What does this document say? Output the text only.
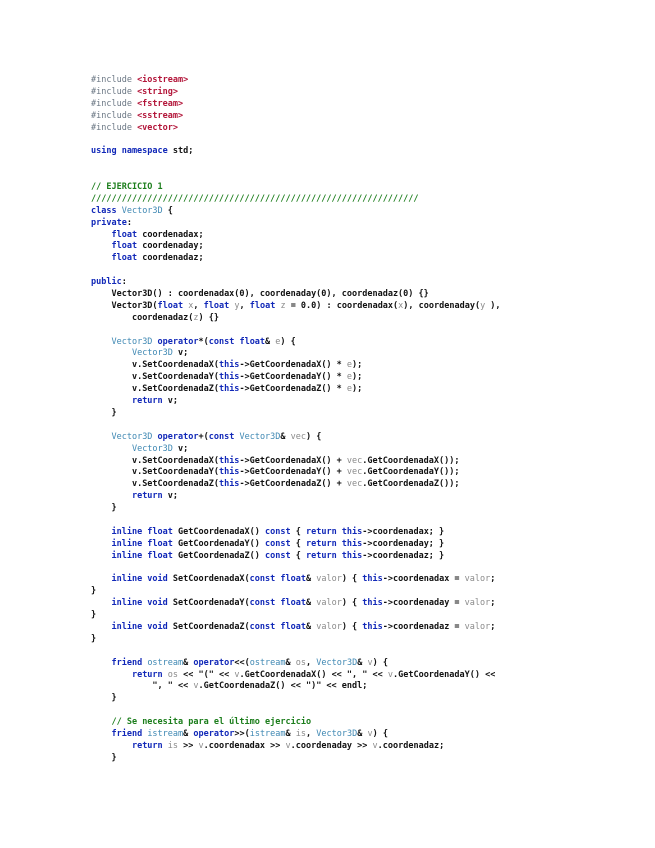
#include <iostream>
#include <string>
#include <fstream>
#include <sstream>
#include <vector>
using namespace std;
// EJERCICIO 1
////////////////////////////////////////////////////////////////
class Vector3D {
private:
float coordenadax;
float coordenaday;
float coordenadaz;
public:
Vector3D() : coordenadax(0), coordenaday(0), coordenadaz(0) {}
Vector3D(float x, float y, float z = 0.0) : coordenadax(x), coordenaday(y ),
coordenadaz(z) {}
Vector3D operator*(const float& e) {
Vector3D v;
v.SetCoordenadaX(this->GetCoordenadaX() * e);
v.SetCoordenadaY(this->GetCoordenadaY() * e);
v.SetCoordenadaZ(this->GetCoordenadaZ() * e);
return v;
}
Vector3D operator+(const Vector3D& vec) {
Vector3D v;
v.SetCoordenadaX(this->GetCoordenadaX() + vec.GetCoordenadaX());
v.SetCoordenadaY(this->GetCoordenadaY() + vec.GetCoordenadaY());
v.SetCoordenadaZ(this->GetCoordenadaZ() + vec.GetCoordenadaZ());
return v;
}
inline float GetCoordenadaX() const { return this->coordenadax; }
inline float GetCoordenadaY() const { return this->coordenaday; }
inline float GetCoordenadaZ() const { return this->coordenadaz; }
inline void SetCoordenadaX(const float& valor) { this->coordenadax = valor;
}
inline void SetCoordenadaY(const float& valor) { this->coordenaday = valor;
}
inline void SetCoordenadaZ(const float& valor) { this->coordenadaz = valor;
}
friend ostream& operator<<(ostream& os, Vector3D& v) {
return os << "(" << v.GetCoordenadaX() << ", " << v.GetCoordenadaY() <<
", " << v.GetCoordenadaZ() << ")" << endl;
}
// Se necesita para el último ejercicio
friend istream& operator>>(istream& is, Vector3D& v) {
return is >> v.coordenadax >> v.coordenaday >> v.coordenadaz;
}
